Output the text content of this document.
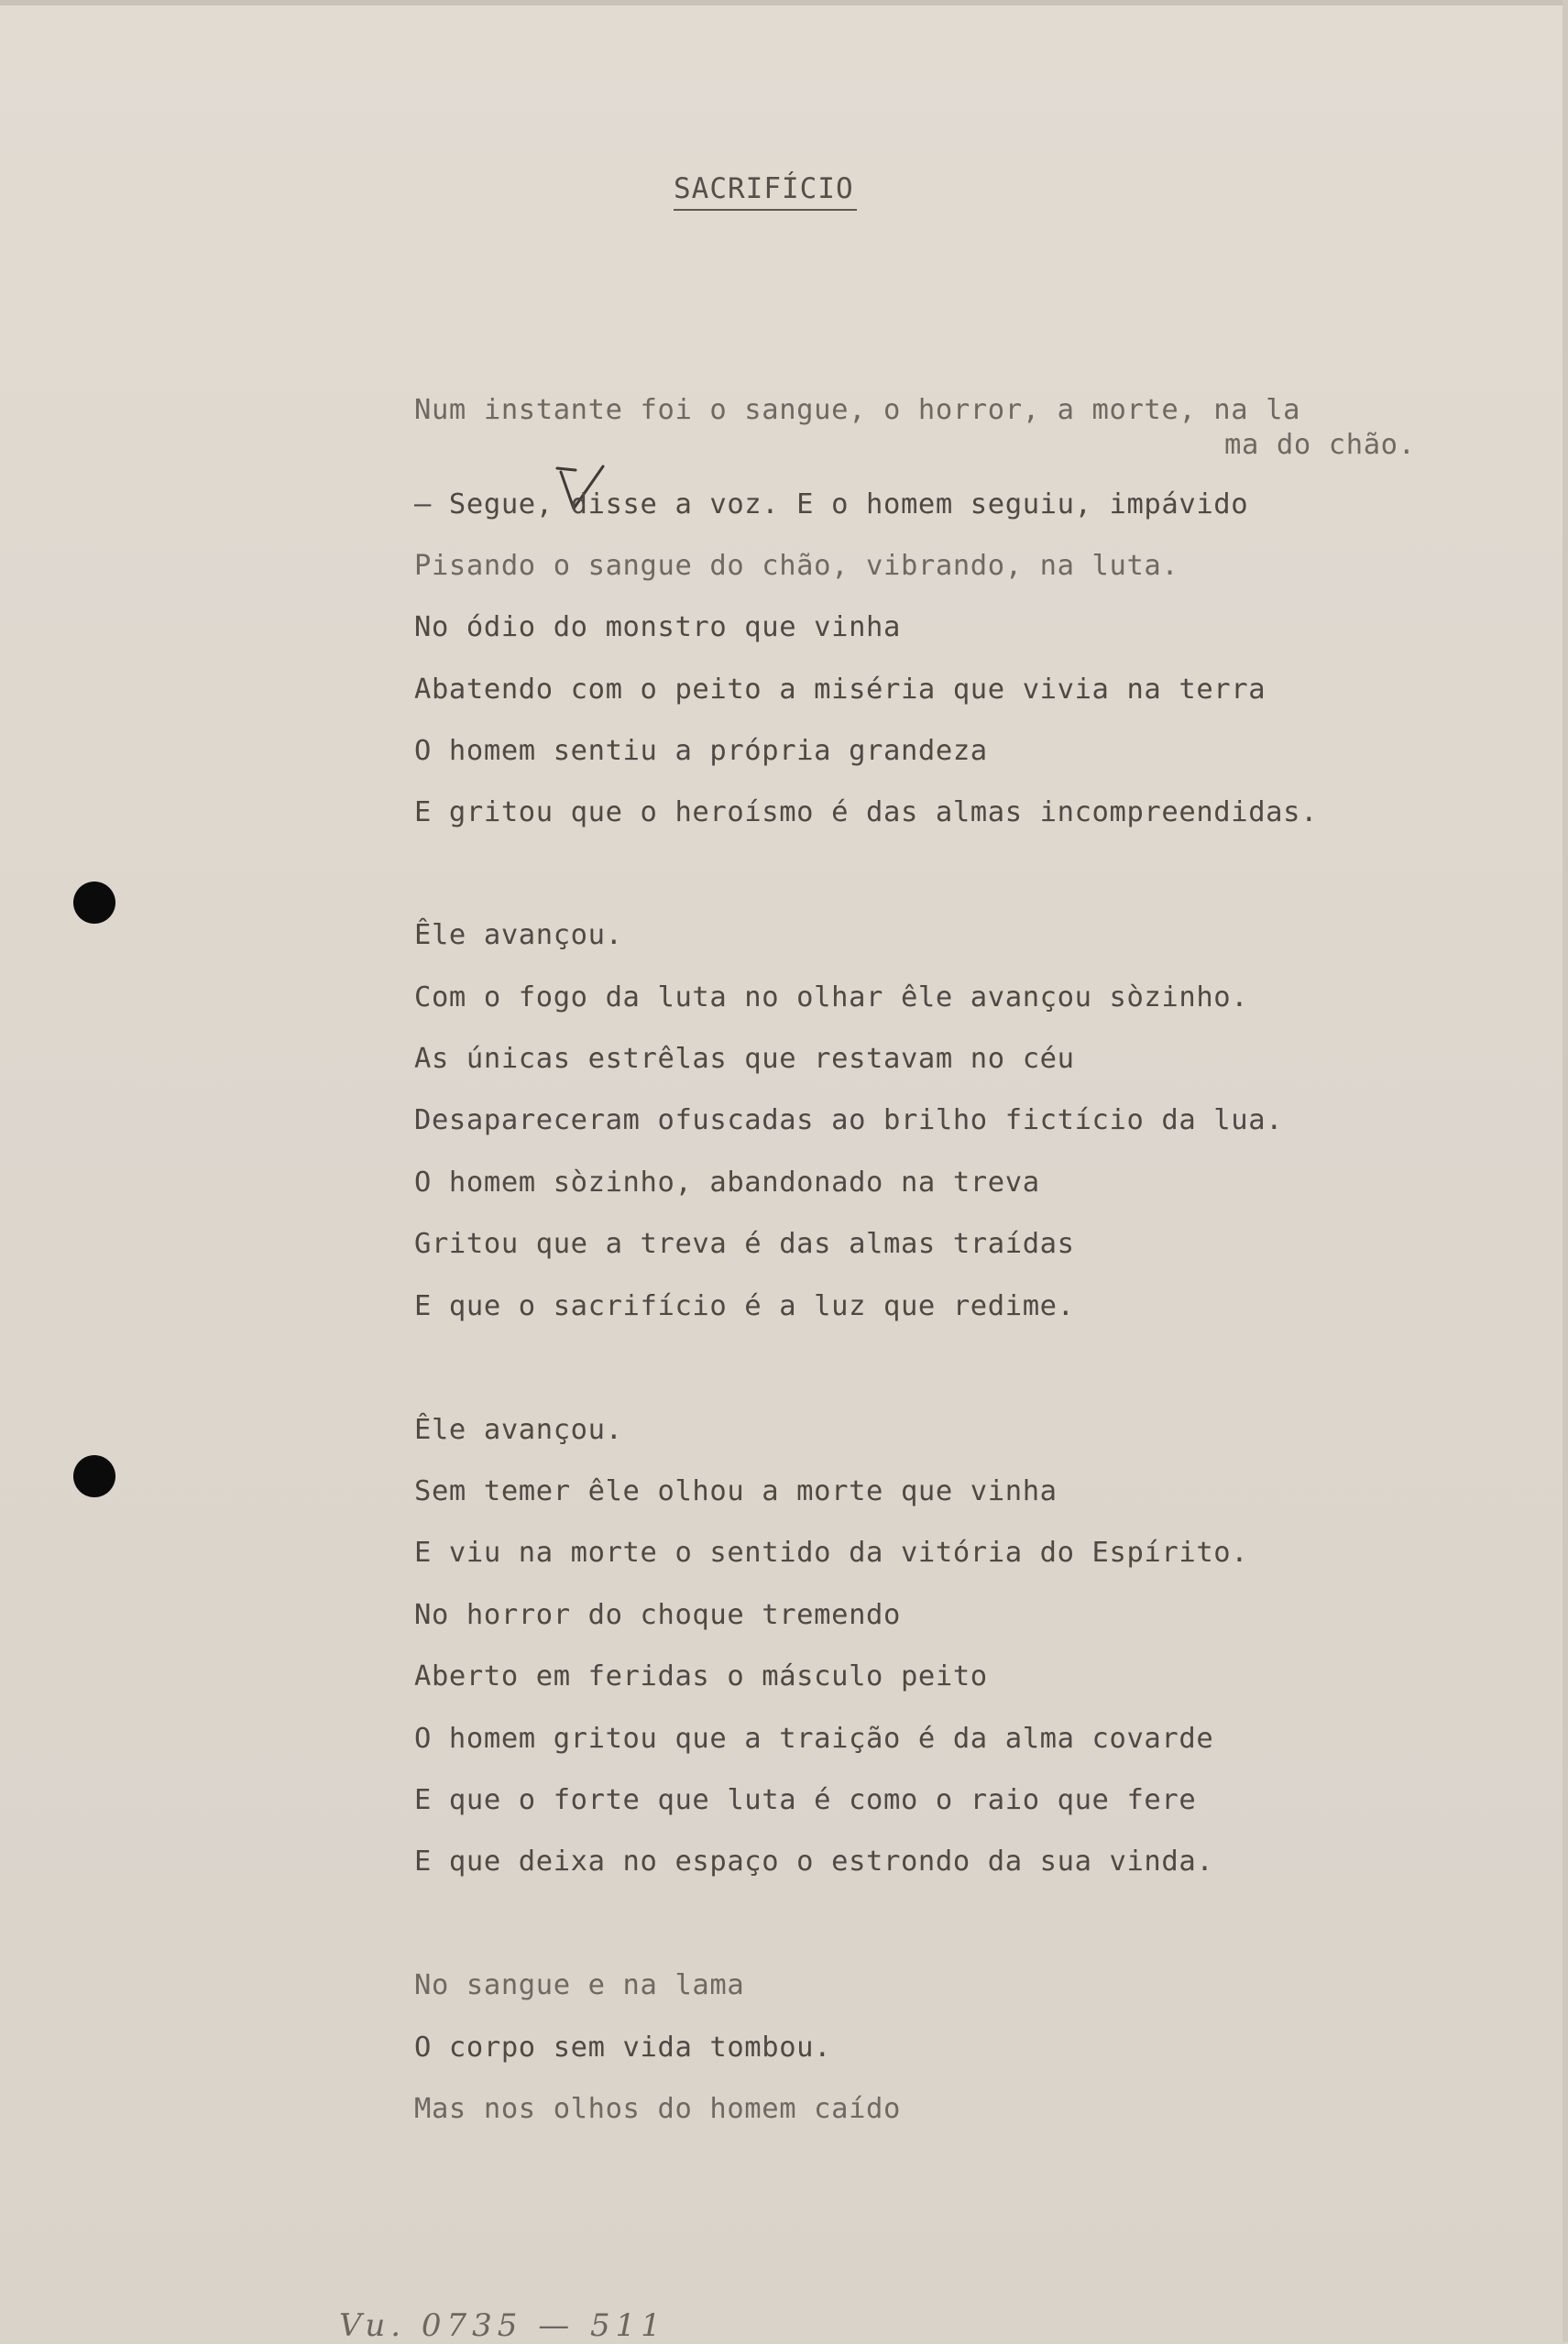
SACRIFÍCIO
Num instante foi o sangue, o horror, a morte, na la
ma do chão.
— Segue, disse a voz. E o homem seguiu, impávido
Pisando o sangue do chão, vibrando, na luta.
No ódio do monstro que vinha
Abatendo com o peito a miséria que vivia na terra
O homem sentiu a própria grandeza
E gritou que o heroísmo é das almas incompreendidas.
Êle avançou.
Com o fogo da luta no olhar êle avançou sòzinho.
As únicas estrêlas que restavam no céu
Desapareceram ofuscadas ao brilho fictício da lua.
O homem sòzinho, abandonado na treva
Gritou que a treva é das almas traídas
E que o sacrifício é a luz que redime.
Êle avançou.
Sem temer êle olhou a morte que vinha
E viu na morte o sentido da vitória do Espírito.
No horror do choque tremendo
Aberto em feridas o másculo peito
O homem gritou que a traição é da alma covarde
E que o forte que luta é como o raio que fere
E que deixa no espaço o estrondo da sua vinda.
No sangue e na lama
O corpo sem vida tombou.
Mas nos olhos do homem caído
Vu. 0735 — 511
